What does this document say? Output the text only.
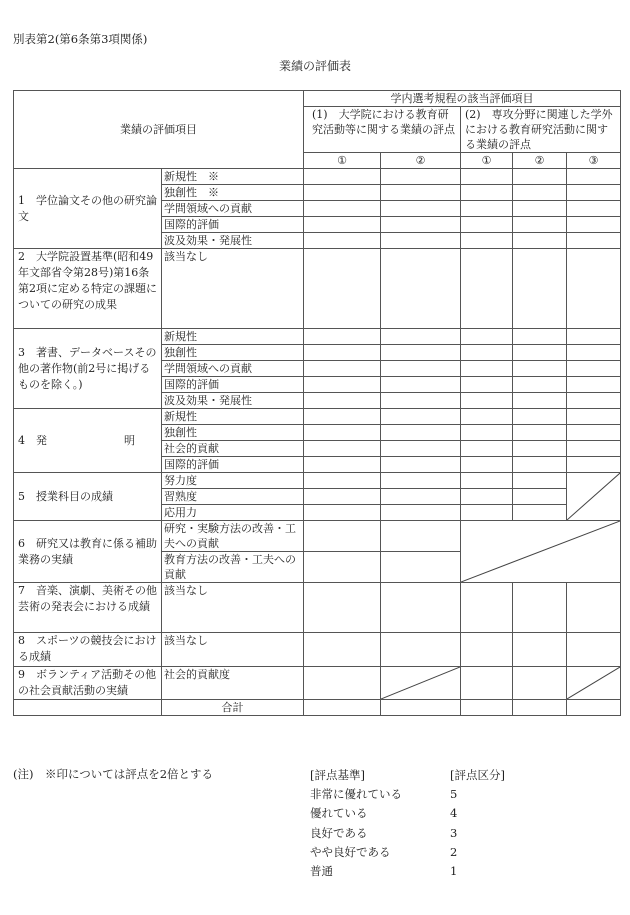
別表第2(第6条第3項関係)
業績の評価表
業績の評価項目		学内選考規程の該当評価項目				
		(1)　大学院における教育研究活動等に関する業績の評点		(2)　専攻分野に関連した学外における教育研究活動に関する業績の評点		
		①	②	①	②	③
1　学位論文その他の研究論文	新規性　※					
	独創性　※					
	学問領域への貢献					
	国際的評価					
	波及効果・発展性					
2　大学院設置基準(昭和49年文部省令第28号)第16条第2項に定める特定の課題についての研究の成果	該当なし					
3　著書、データベースその他の著作物(前2号に掲げるものを除く。)	新規性					
	独創性					
	学問領域への貢献					
	国際的評価					
	波及効果・発展性					
4　発　　　　　　　明	新規性					
	独創性					
	社会的貢献					
	国際的評価					
5　授業科目の成績	努力度					

	習熟度					
	応用力					
6　研究又は教育に係る補助業務の実績	研究・実験方法の改善・工夫への貢献			

	教育方法の改善・工夫への貢献					
7　音楽、演劇、美術その他芸術の発表会における成績	該当なし					
8　スポーツの競技会における成績	該当なし					
9　ボランティア活動その他の社会貢献活動の実績	社会的貢献度		

	合計					
(注)　※印については評点を2倍とする	[評点基準]	[評点区分]
非常に優れている	5
優れている	4
良好である	3
やや良好である	2
普通	1
